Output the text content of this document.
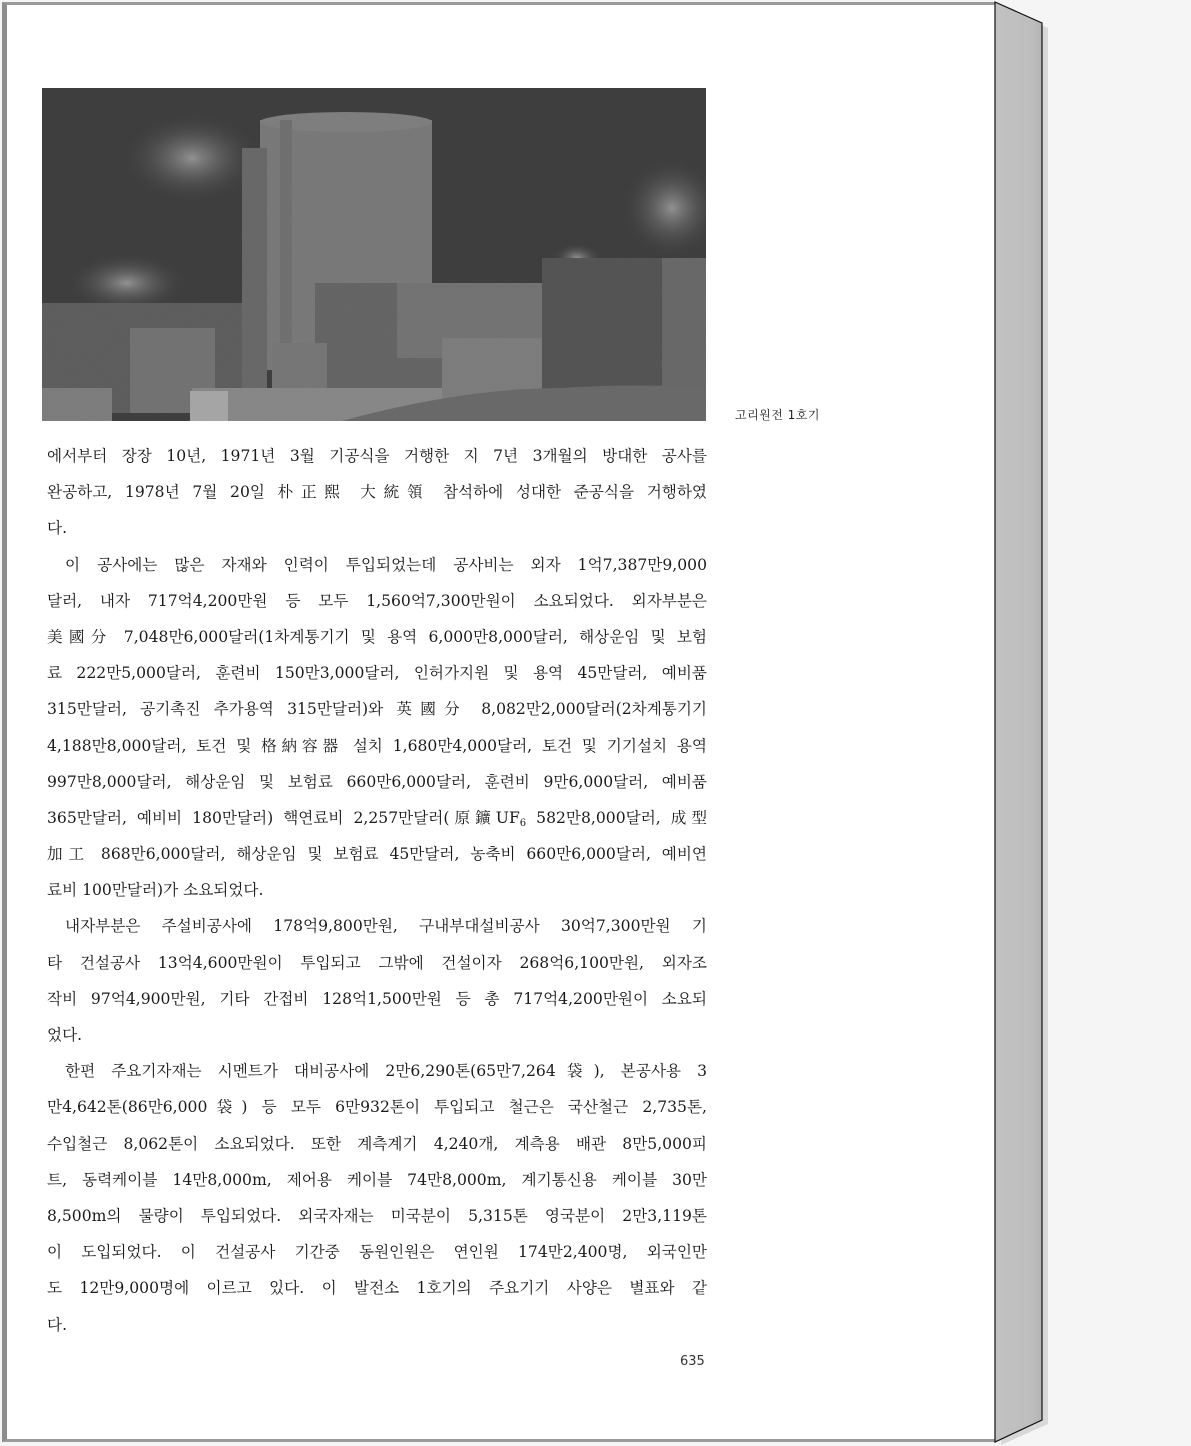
고리원전 1호기

에서부터 장장 10년, 1971년 3월 기공식을 거행한 지 7년 3개월의 방대한 공사를
완공하고, 1978년 7월 20일 朴正熙 大統領 참석하에 성대한 준공식을 거행하였
다.

이 공사에는 많은 자재와 인력이 투입되었는데 공사비는 외자 1억7,387만9,000
달러, 내자 717억4,200만원 등 모두 1,560억7,300만원이 소요되었다. 외자부분은
美國分 7,048만6,000달러(1차계통기기 및 용역 6,000만8,000달러, 해상운임 및 보험
료 222만5,000달러, 훈련비 150만3,000달러, 인허가지원 및 용역 45만달러, 예비품
315만달러, 공기촉진 추가용역 315만달러)와 英國分 8,082만2,000달러(2차계통기기
4,188만8,000달러, 토건 및 格納容器 설치 1,680만4,000달러, 토건 및 기기설치 용역
997만8,000달러, 해상운임 및 보험료 660만6,000달러, 훈련비 9만6,000달러, 예비품
365만달러, 예비비 180만달러) 핵연료비 2,257만달러(原鑛$UF_6$ 582만8,000달러, 成型
加工 868만6,000달러, 해상운임 및 보험료 45만달러, 농축비 660만6,000달러, 예비연
료비 100만달러)가 소요되었다.

내자부분은 주설비공사에 178억9,800만원, 구내부대설비공사 30억7,300만원 기
타 건설공사 13억4,600만원이 투입되고 그밖에 건설이자 268억6,100만원, 외자조
작비 97억4,900만원, 기타 간접비 128억1,500만원 등 총 717억4,200만원이 소요되
었다.

한편 주요기자재는 시멘트가 대비공사에 2만6,290톤(65만7,264袋), 본공사용 3
만4,642톤(86만6,000袋) 등 모두 6만932톤이 투입되고 철근은 국산철근 2,735톤,
수입철근 8,062톤이 소요되었다. 또한 계측계기 4,240개, 계측용 배관 8만5,000피
트, 동력케이블 14만8,000m, 제어용 케이블 74만8,000m, 계기통신용 케이블 30만
8,500m의 물량이 투입되었다. 외국자재는 미국분이 5,315톤 영국분이 2만3,119톤
이 도입되었다. 이 건설공사 기간중 동원인원은 연인원 174만2,400명, 외국인만
도 12만9,000명에 이르고 있다. 이 발전소 1호기의 주요기기 사양은 별표와 같
다.

635
